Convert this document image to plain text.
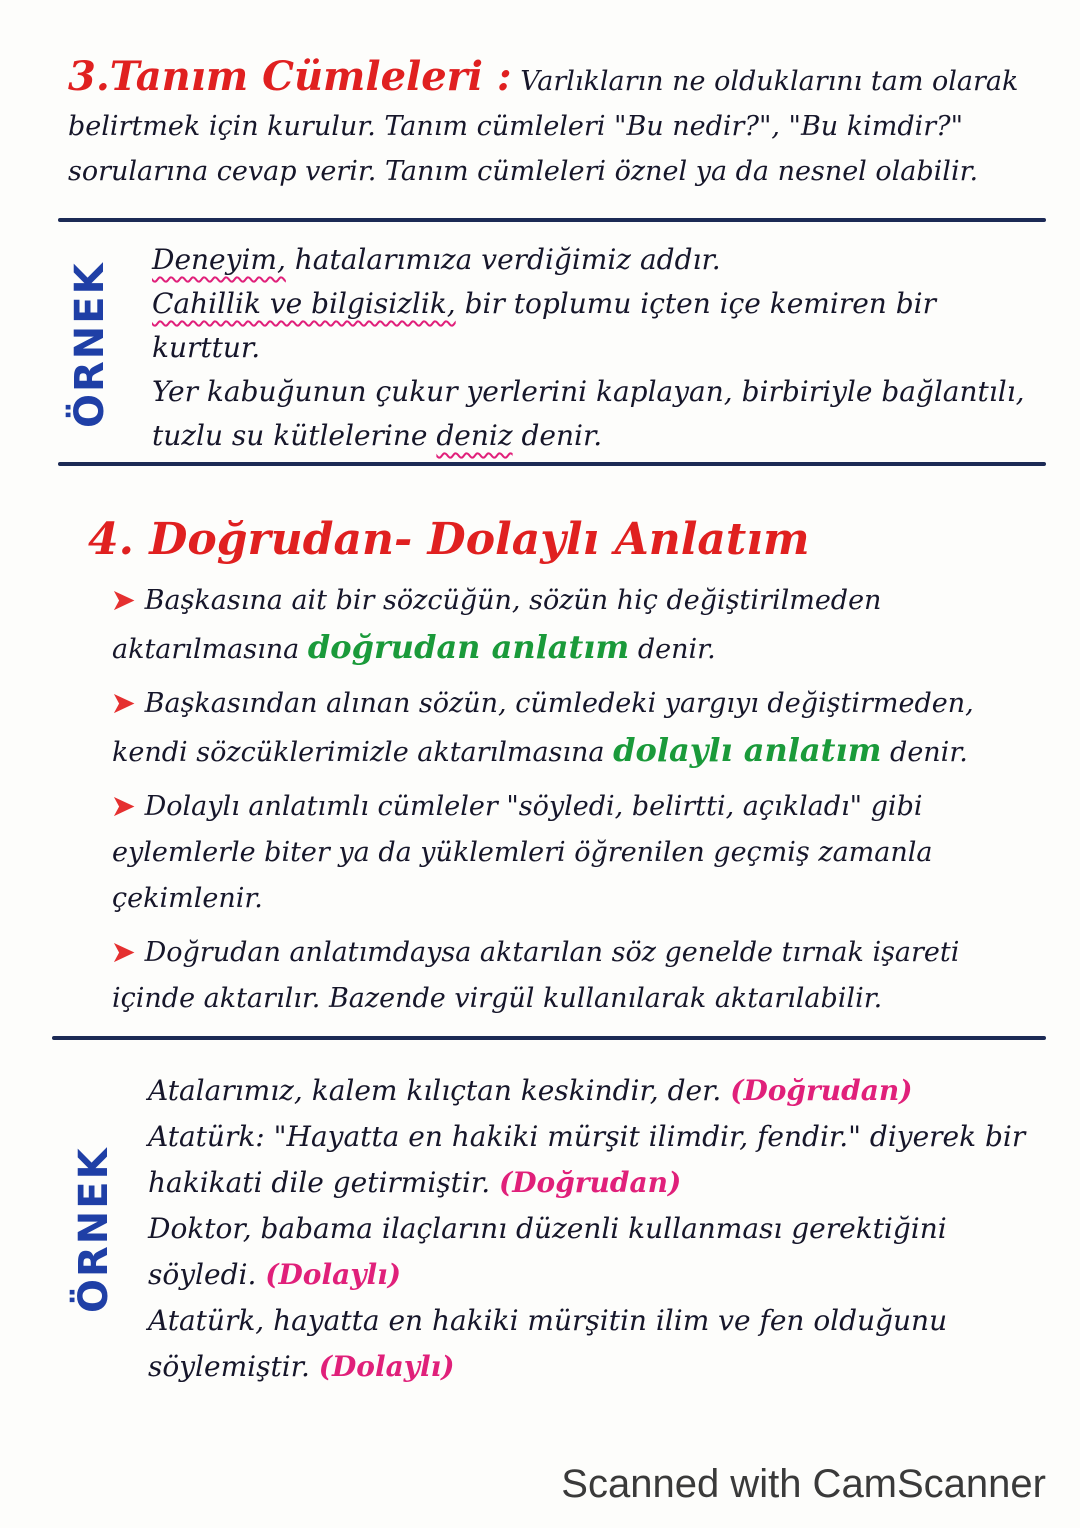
3.Tanım Cümleleri : Varlıkların ne olduklarını tam olarak belirtmek için kurulur. Tanım cümleleri "Bu nedir?", "Bu kimdir?" sorularına cevap verir. Tanım cümleleri öznel ya da nesnel olabilir.
ÖRNEK
Deneyim, hatalarımıza verdiğimiz addır.
Cahillik ve bilgisizlik, bir toplumu içten içe kemiren bir kurttur.
Yer kabuğunun çukur yerlerini kaplayan, birbiriyle bağlantılı, tuzlu su kütlelerine deniz denir.
4. Doğrudan- Dolaylı Anlatım

➤ Başkasına ait bir sözcüğün, sözün hiç değiştirilmeden aktarılmasına doğrudan anlatım denir.

➤ Başkasından alınan sözün, cümledeki yargıyı değiştirmeden, kendi sözcüklerimizle aktarılmasına dolaylı anlatım denir.

➤ Dolaylı anlatımlı cümleler "söyledi, belirtti, açıkladı" gibi eylemlerle biter ya da yüklemleri öğrenilen geçmiş zamanla çekimlenir.

➤ Doğrudan anlatımdaysa aktarılan söz genelde tırnak işareti içinde aktarılır. Bazende virgül kullanılarak aktarılabilir.

ÖRNEK
Atalarımız, kalem kılıçtan keskindir, der. (Doğrudan)
Atatürk: "Hayatta en hakiki mürşit ilimdir, fendir." diyerek bir hakikati dile getirmiştir. (Doğrudan)
Doktor, babama ilaçlarını düzenli kullanması gerektiğini söyledi. (Dolaylı)
Atatürk, hayatta en hakiki mürşitin ilim ve fen olduğunu söylemiştir. (Dolaylı)
Scanned with CamScanner
